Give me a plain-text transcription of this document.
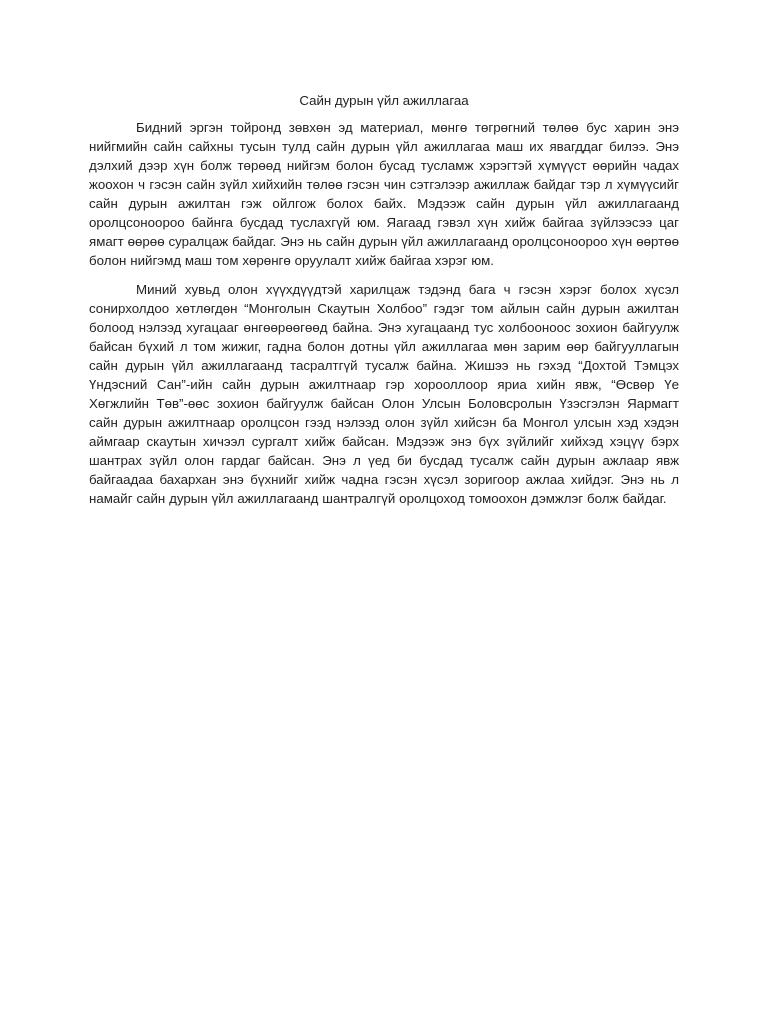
Сайн дурын үйл ажиллагаа

Бидний эргэн тойронд зөвхөн эд материал, мөнгө төгрөгний төлөө бус харин энэ нийгмийн сайн сайхны тусын тулд сайн дурын үйл ажиллагаа маш их явагддаг билээ. Энэ дэлхий дээр хүн болж төрөөд нийгэм болон бусад тусламж хэрэгтэй хүмүүст өөрийн чадах жоохон ч гэсэн сайн зүйл хийхийн төлөө гэсэн чин сэтгэлээр ажиллаж байдаг тэр л хүмүүсийг сайн дурын ажилтан гэж ойлгож болох байх. Мэдээж сайн дурын үйл ажиллагаанд оролцсоноороо байнга бусдад туслахгүй юм. Яагаад гэвэл хүн хийж байгаа зүйлээсээ цаг ямагт өөрөө суралцаж байдаг. Энэ нь сайн дурын үйл ажиллагаанд оролцсоноороо хүн өөртөө болон нийгэмд маш том хөрөнгө оруулалт хийж байгаа хэрэг юм.

Миний хувьд олон хүүхдүүдтэй харилцаж тэдэнд бага ч гэсэн хэрэг болох хүсэл сонирхолдоо хөтлөгдөн “Монголын Скаутын Холбоо” гэдэг том айлын сайн дурын ажилтан болоод нэлээд хугацааг өнгөөрөөгөөд байна. Энэ хугацаанд тус холбооноос зохион байгуулж байсан бүхий л том жижиг, гадна болон дотны үйл ажиллагаа мөн зарим өөр байгууллагын сайн дурын үйл ажиллагаанд тасралтгүй тусалж байна. Жишээ нь гэхэд “Дохтой Тэмцэх Үндэсний Сан”-ийн сайн дурын ажилтнаар гэр хорооллоор яриа хийн явж, “Өсвөр Үе Хөгжлийн Төв”-өөс зохион байгуулж байсан Олон Улсын Боловсролын Үзэсгэлэн Яармагт сайн дурын ажилтнаар оролцсон гээд нэлээд олон зүйл хийсэн ба Монгол улсын хэд хэдэн аймгаар скаутын хичээл сургалт хийж байсан. Мэдээж энэ бүх зүйлийг хийхэд хэцүү бэрх шантрах зүйл олон гардаг байсан. Энэ л үед би бусдад тусалж сайн дурын ажлаар явж байгаадаа бахархан энэ бүхнийг хийж чадна гэсэн хүсэл зоригоор ажлаа хийдэг. Энэ нь л намайг сайн дурын үйл ажиллагаанд шантралгүй оролцоход томоохон дэмжлэг болж байдаг.
